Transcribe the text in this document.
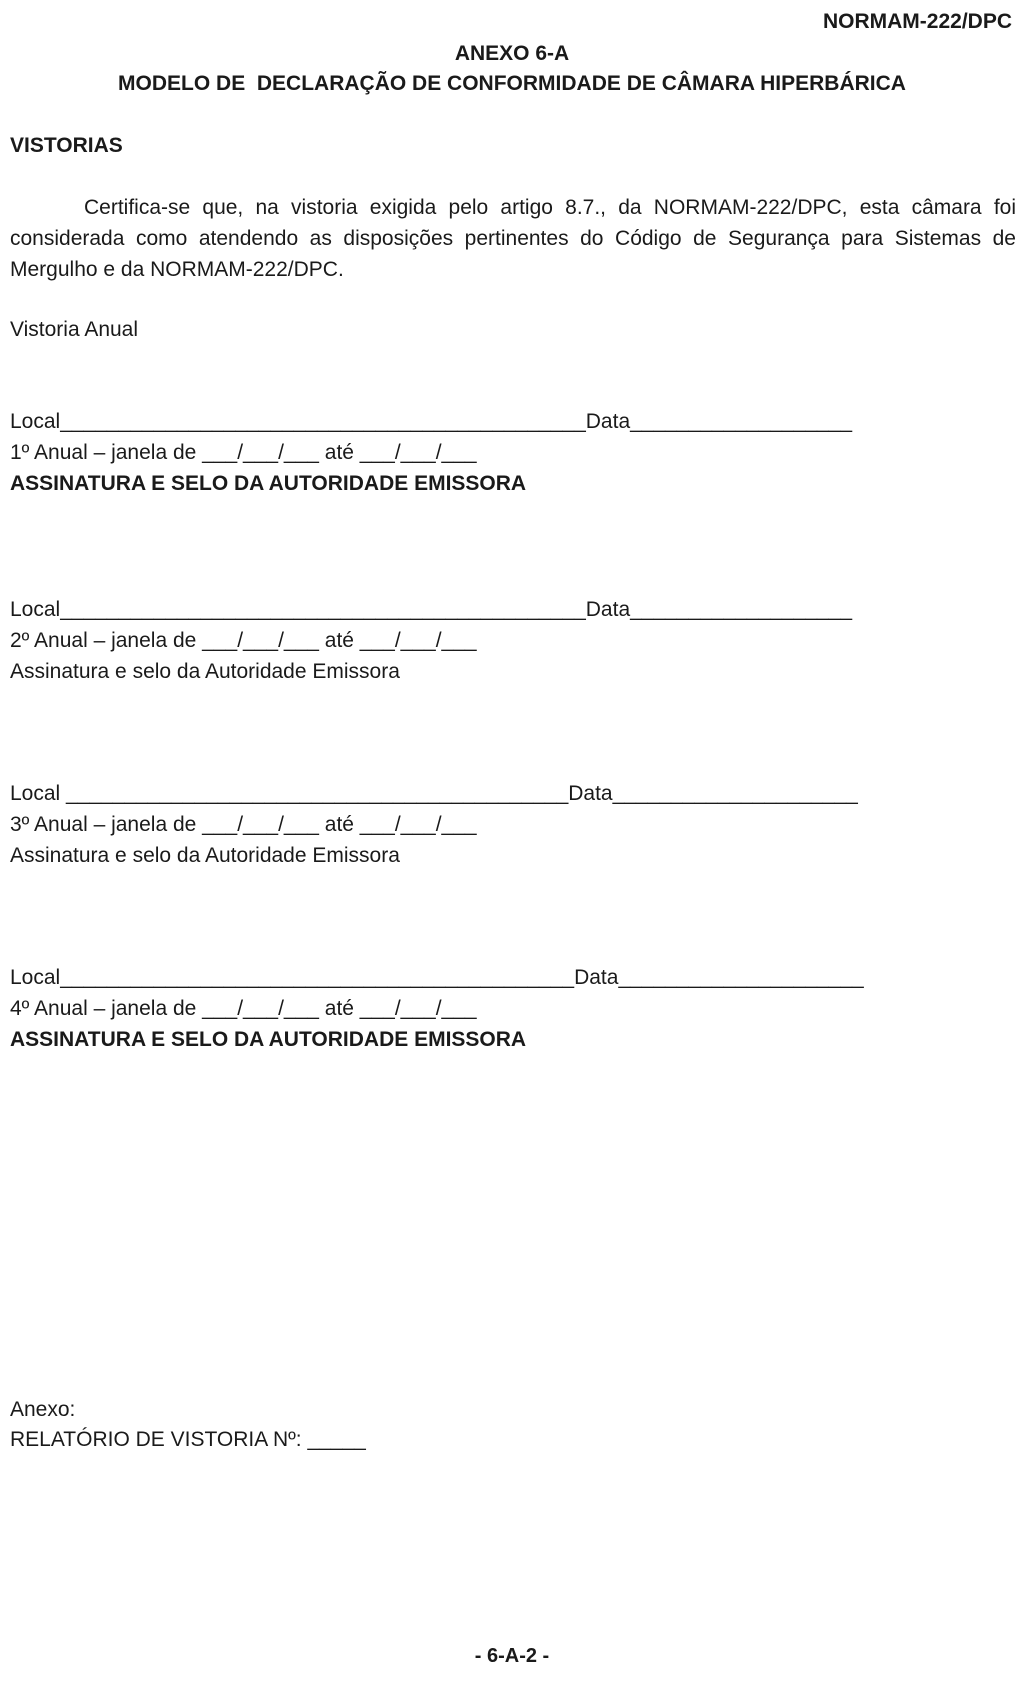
NORMAM-222/DPC
ANEXO 6-A
MODELO DE  DECLARAÇÃO DE CONFORMIDADE DE CÂMARA HIPERBÁRICA
VISTORIAS

Certifica-se que, na vistoria exigida pelo artigo 8.7., da NORMAM-222/DPC, esta câmara foi considerada como atendendo as disposições pertinentes do Código de Segurança para Sistemas de Mergulho e da NORMAM-222/DPC.

Vistoria Anual
Local_____________________________________________Data___________________
1º Anual – janela de ___/___/___ até ___/___/___
ASSINATURA E SELO DA AUTORIDADE EMISSORA
Local_____________________________________________Data___________________
2º Anual – janela de ___/___/___ até ___/___/___
Assinatura e selo da Autoridade Emissora
Local ___________________________________________Data_____________________
3º Anual – janela de ___/___/___ até ___/___/___
Assinatura e selo da Autoridade Emissora
Local____________________________________________Data_____________________
4º Anual – janela de ___/___/___ até ___/___/___
ASSINATURA E SELO DA AUTORIDADE EMISSORA
Anexo:
RELATÓRIO DE VISTORIA Nº: _____
- 6-A-2 -
